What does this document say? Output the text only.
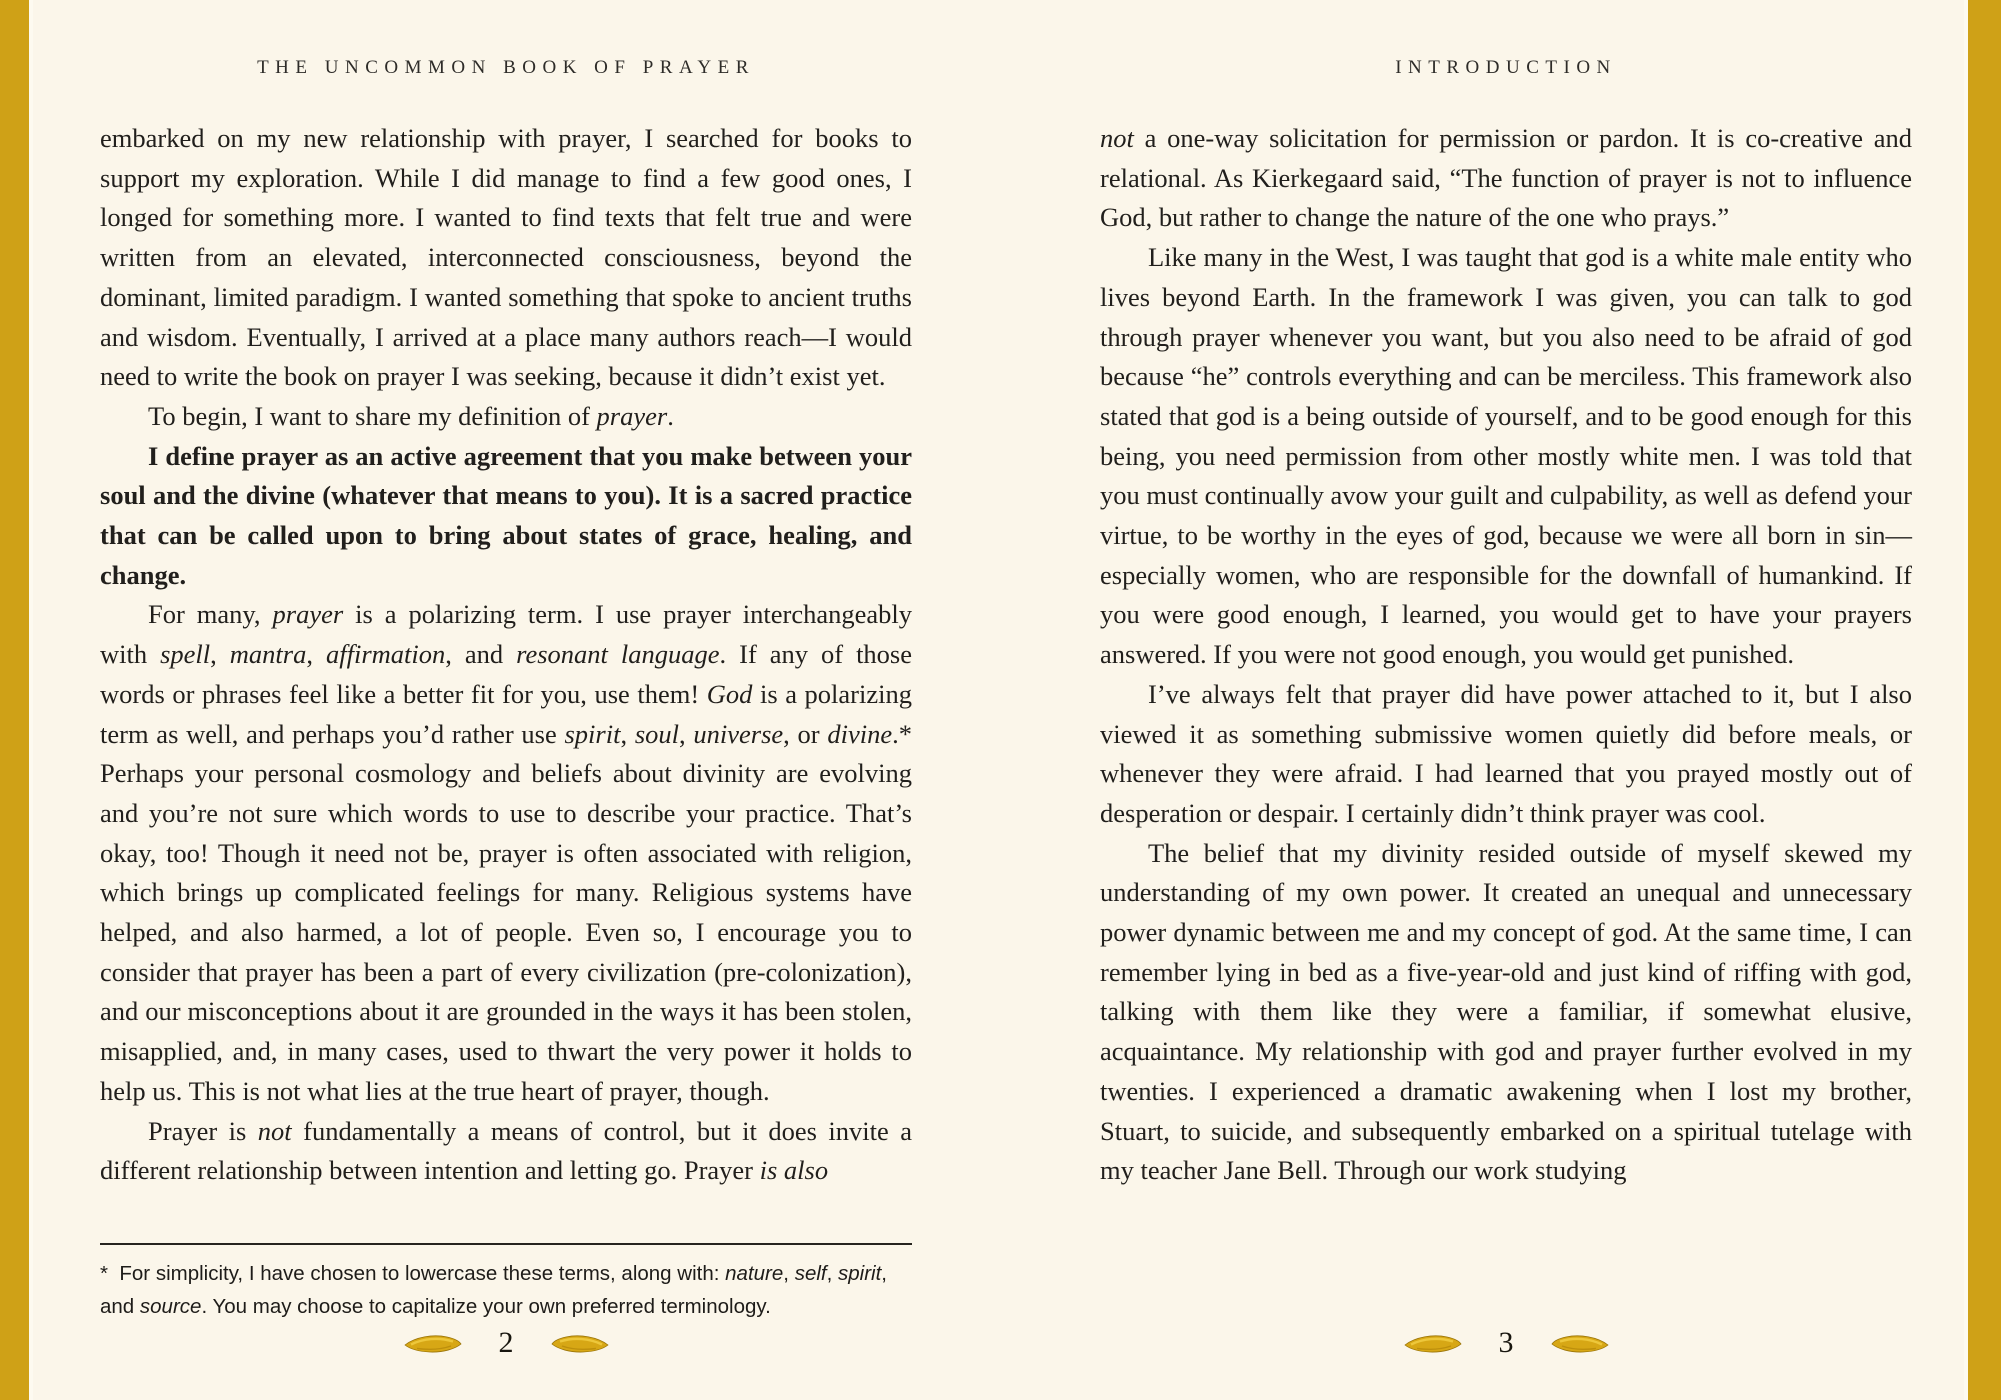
THE UNCOMMON BOOK OF PRAYER

embarked on my new relationship with prayer, I searched for books to support my exploration. While I did manage to find a few good ones, I longed for something more. I wanted to find texts that felt true and were written from an elevated, interconnected consciousness, beyond the dominant, limited paradigm. I wanted something that spoke to ancient truths and wisdom. Eventually, I arrived at a place many authors reach—I would need to write the book on prayer I was seeking, because it didn’t exist yet.

To begin, I want to share my definition of prayer.

I define prayer as an active agreement that you make between your soul and the divine (whatever that means to you). It is a sacred practice that can be called upon to bring about states of grace, healing, and change.

For many, prayer is a polarizing term. I use prayer interchangeably with spell, mantra, affirmation, and resonant language. If any of those words or phrases feel like a better fit for you, use them! God is a polarizing term as well, and perhaps you’d rather use spirit, soul, universe, or divine.* Perhaps your personal cosmology and beliefs about divinity are evolving and you’re not sure which words to use to describe your practice. That’s okay, too! Though it need not be, prayer is often associated with religion, which brings up complicated feelings for many. Religious systems have helped, and also harmed, a lot of people. Even so, I encourage you to consider that prayer has been a part of every civilization (pre-colonization), and our misconceptions about it are grounded in the ways it has been stolen, misapplied, and, in many cases, used to thwart the very power it holds to help us. This is not what lies at the true heart of prayer, though.

Prayer is not fundamentally a means of control, but it does invite a different relationship between intention and letting go. Prayer is also

*  For simplicity, I have chosen to lowercase these terms, along with: nature, self, spirit, and source. You may choose to capitalize your own preferred terminology.

2
INTRODUCTION

not a one-way solicitation for permission or pardon. It is co-creative and relational. As Kierkegaard said, “The function of prayer is not to influence God, but rather to change the nature of the one who prays.”

Like many in the West, I was taught that god is a white male entity who lives beyond Earth. In the framework I was given, you can talk to god through prayer whenever you want, but you also need to be afraid of god because “he” controls everything and can be merciless. This framework also stated that god is a being outside of yourself, and to be good enough for this being, you need permission from other mostly white men. I was told that you must continually avow your guilt and culpability, as well as defend your virtue, to be worthy in the eyes of god, because we were all born in sin—especially women, who are responsible for the downfall of humankind. If you were good enough, I learned, you would get to have your prayers answered. If you were not good enough, you would get punished.

I’ve always felt that prayer did have power attached to it, but I also viewed it as something submissive women quietly did before meals, or whenever they were afraid. I had learned that you prayed mostly out of desperation or despair. I certainly didn’t think prayer was cool.

The belief that my divinity resided outside of myself skewed my understanding of my own power. It created an unequal and unnecessary power dynamic between me and my concept of god. At the same time, I can remember lying in bed as a five-year-old and just kind of riffing with god, talking with them like they were a familiar, if somewhat elusive, acquaintance. My relationship with god and prayer further evolved in my twenties. I experienced a dramatic awakening when I lost my brother, Stuart, to suicide, and subsequently embarked on a spiritual tutelage with my teacher Jane Bell. Through our work studying

3
